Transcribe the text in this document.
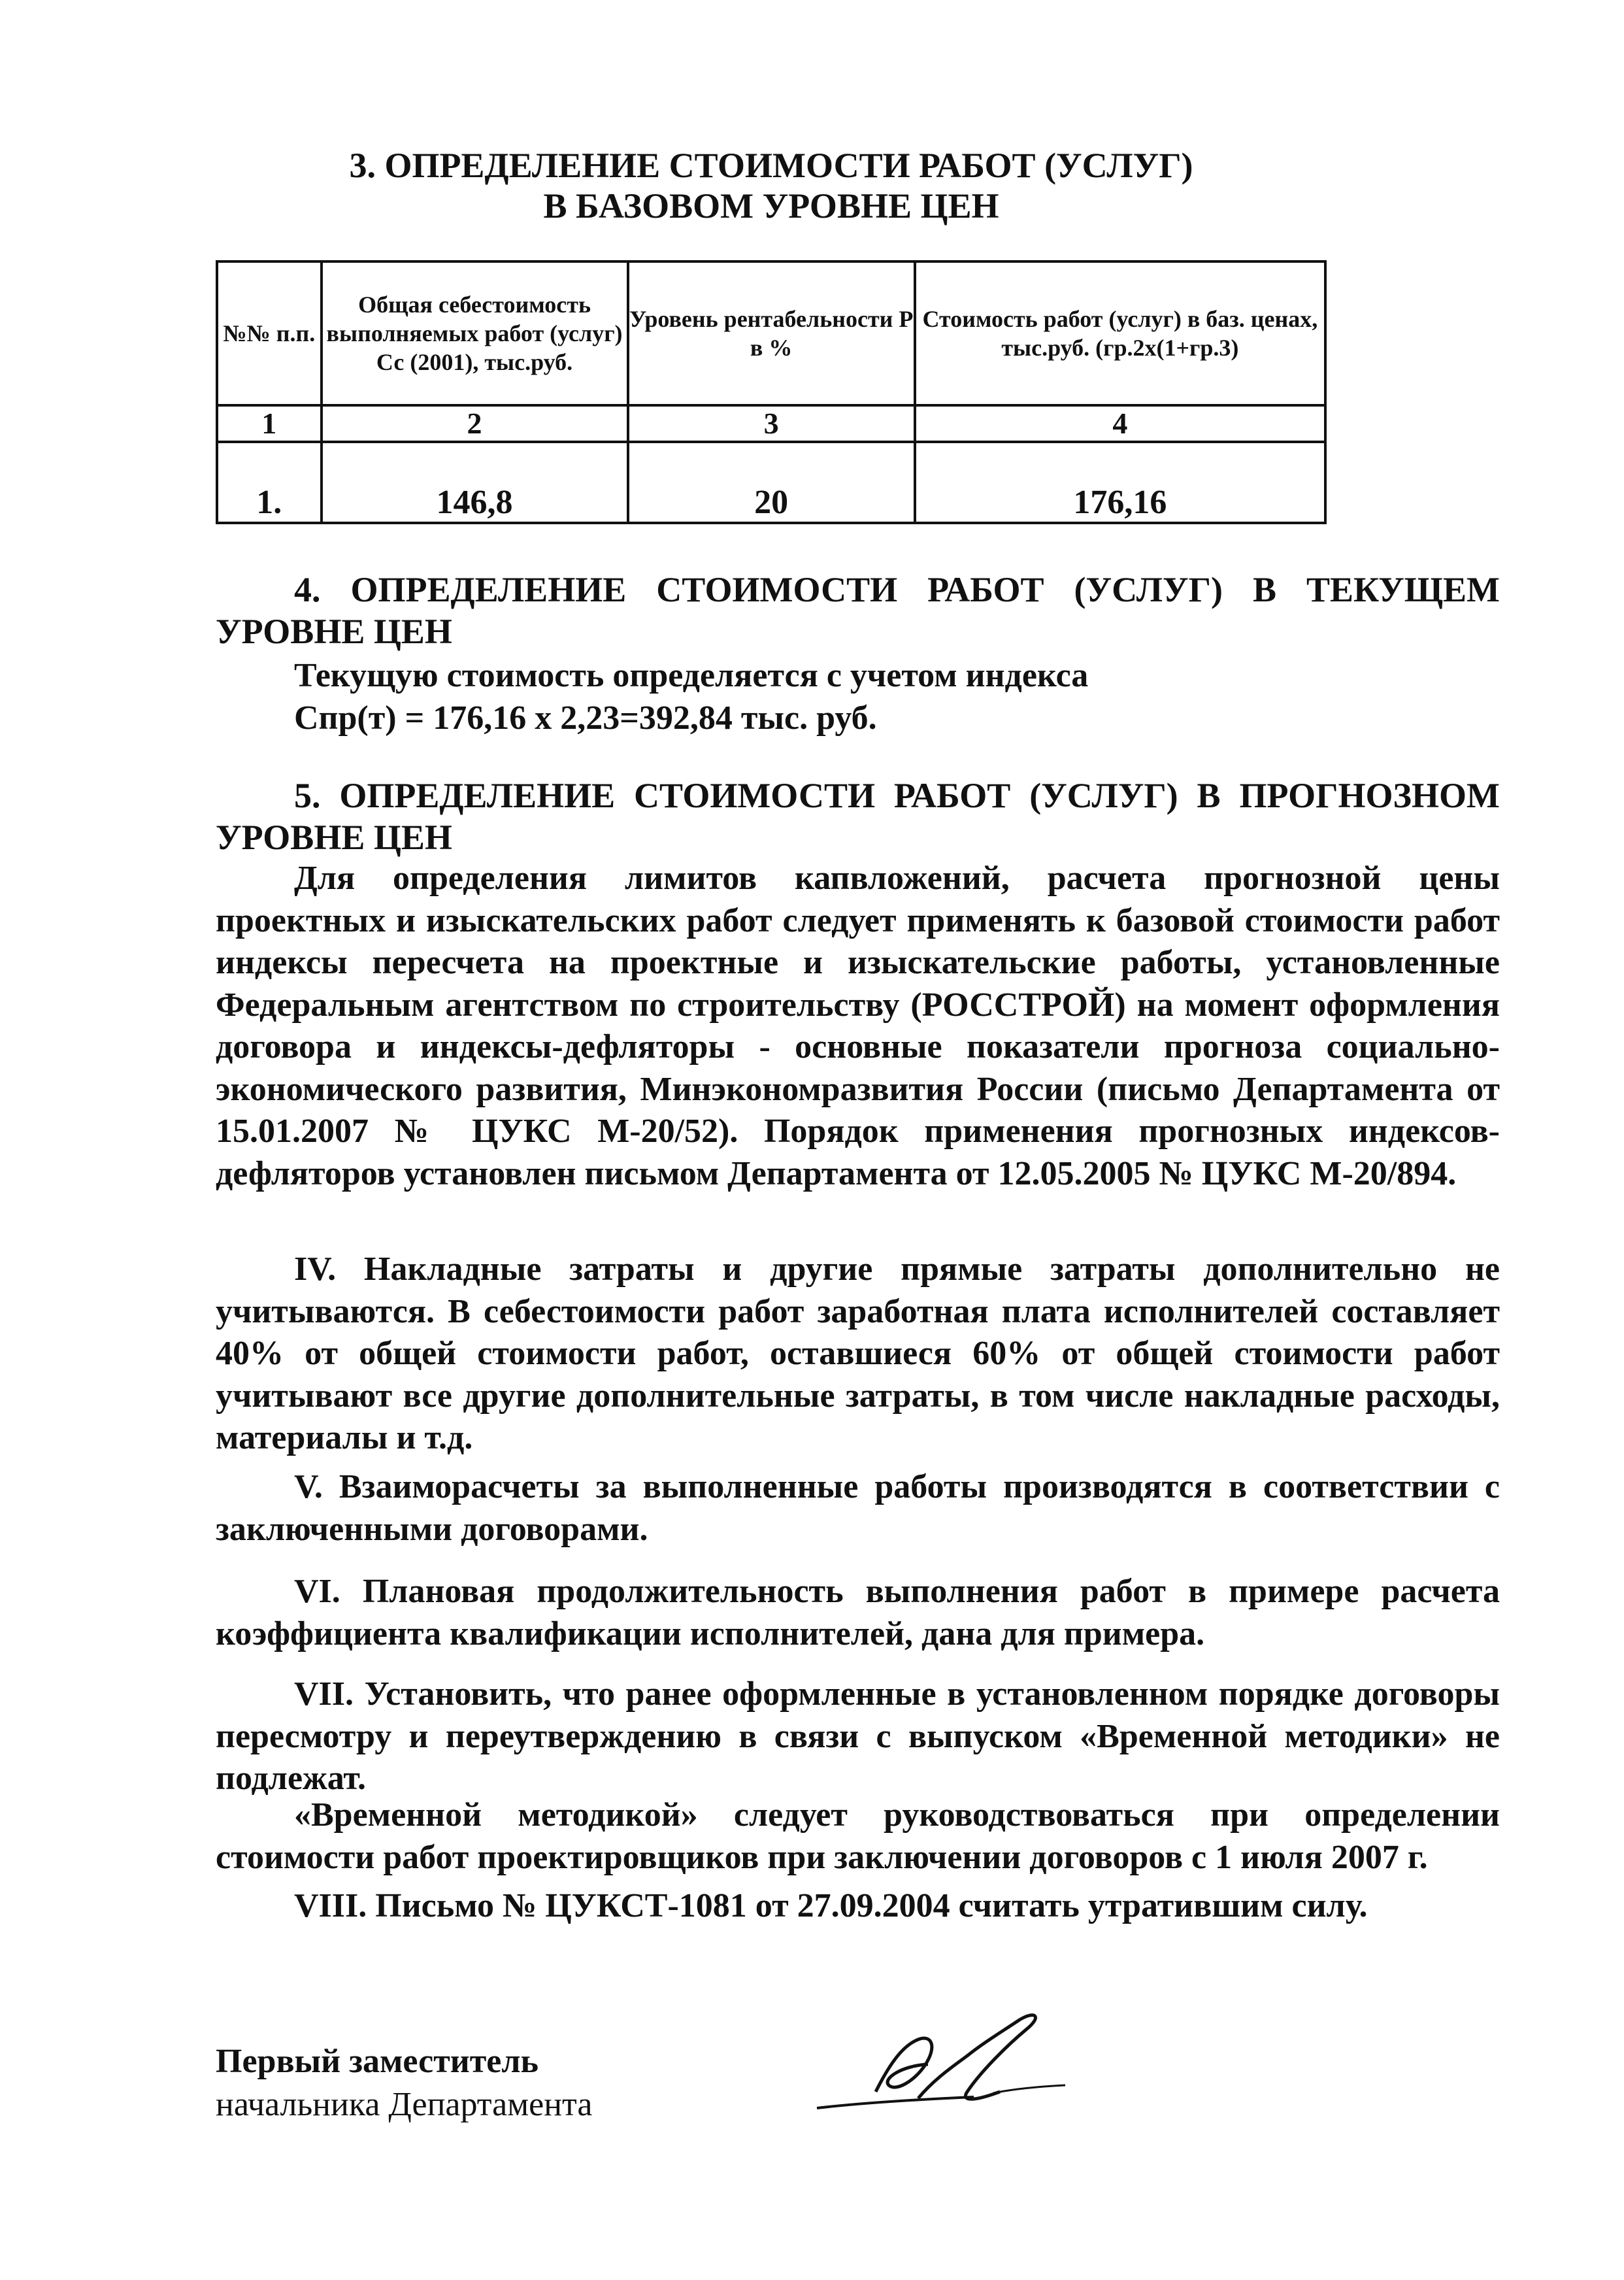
3. ОПРЕДЕЛЕНИЕ СТОИМОСТИ РАБОТ (УСЛУГ)
В БАЗОВОМ УРОВНЕ ЦЕН
№№ п.п.	Общая себестоимость выполняемых работ (услуг) Сс (2001), тыс.руб.	Уровень рентабельности Р в %	Стоимость работ (услуг) в баз. ценах, тыс.руб. (гр.2х(1+гр.3)
1	2	3	4
1.	146,8	20	176,16
4. ОПРЕДЕЛЕНИЕ СТОИМОСТИ РАБОТ (УСЛУГ) В ТЕКУЩЕМ УРОВНЕ ЦЕН
Текущую стоимость определяется с учетом индекса
Спр(т) = 176,16 х 2,23=392,84 тыс. руб.
5. ОПРЕДЕЛЕНИЕ СТОИМОСТИ РАБОТ (УСЛУГ) В ПРОГНОЗНОМ УРОВНЕ ЦЕН
Для определения лимитов капвложений, расчета прогнозной цены проектных и изыскательских работ следует применять к базовой стоимости работ индексы пересчета на проектные и изыскательские работы, установленные Федеральным агентством по строительству (РОССТРОЙ) на момент оформления договора и индексы-дефляторы - основные показатели прогноза социально-экономического развития, Минэкономразвития России (письмо Департамента от 15.01.2007 № ЦУКС М-20/52). Порядок применения прогнозных индексов-дефляторов установлен письмом Департамента от 12.05.2005 № ЦУКС М-20/894.
IV. Накладные затраты и другие прямые затраты дополнительно не учитываются. В себестоимости работ заработная плата исполнителей составляет 40% от общей стоимости работ, оставшиеся 60% от общей стоимости работ учитывают все другие дополнительные затраты, в том числе накладные расходы, материалы и т.д.
V. Взаиморасчеты за выполненные работы производятся в соответствии с заключенными договорами.
VI. Плановая продолжительность выполнения работ в примере расчета коэффициента квалификации исполнителей, дана для примера.
VII. Установить, что ранее оформленные в установленном порядке договоры пересмотру и переутверждению в связи с выпуском «Временной методики» не подлежат.
«Временной методикой» следует руководствоваться при определении стоимости работ проектировщиков при заключении договоров с 1 июля 2007 г.
VIII. Письмо № ЦУКСТ-1081 от 27.09.2004 считать утратившим силу.
Первый заместитель
начальника Департамента
